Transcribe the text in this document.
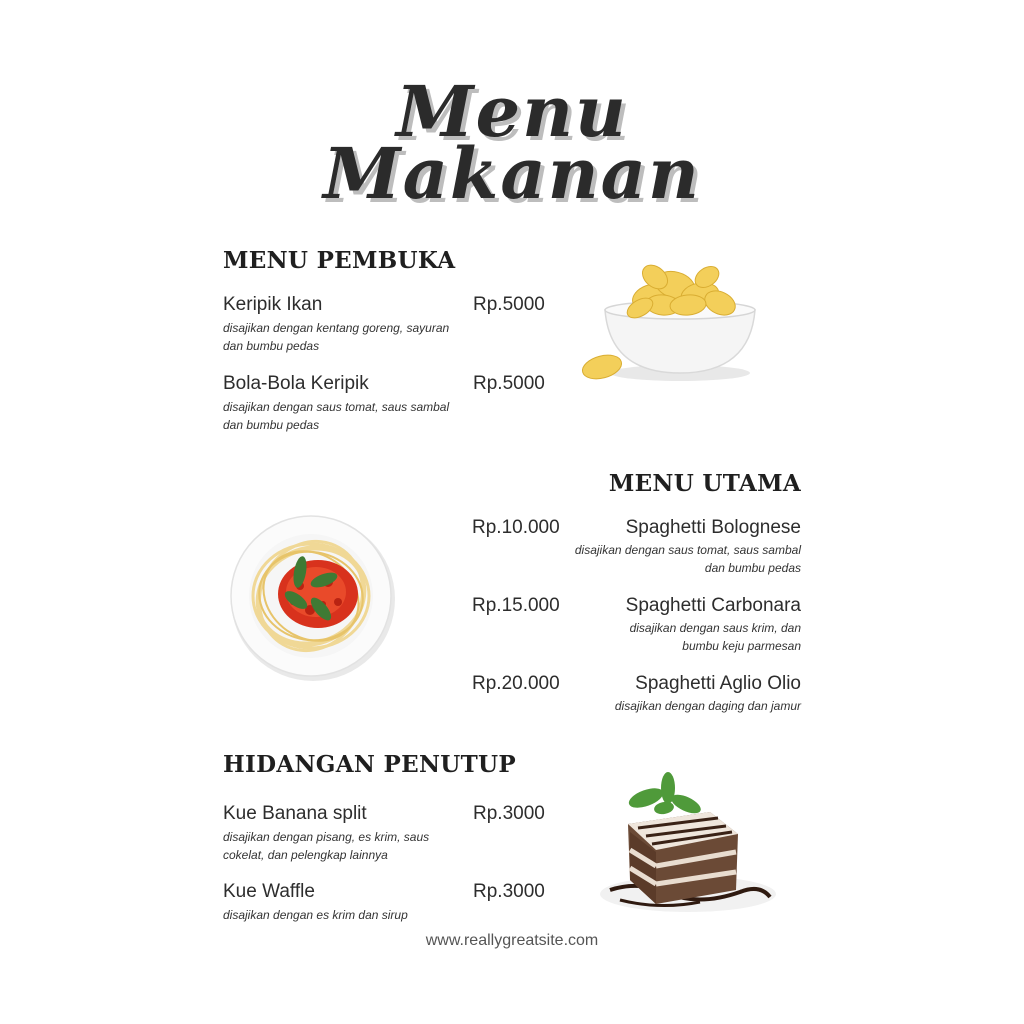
Menu
Makanan
MENU PEMBUKA
Keripik Ikan	Rp.5000
disajikan dengan kentang goreng, sayuran
dan bumbu pedas
Bola-Bola Keripik	Rp.5000
disajikan dengan saus tomat, saus sambal
dan bumbu pedas
MENU UTAMA
Rp.10.000	Spaghetti Bolognese
disajikan dengan saus tomat, saus sambal
dan bumbu pedas
Rp.15.000	Spaghetti Carbonara
disajikan dengan saus krim, dan
bumbu keju parmesan
Rp.20.000	Spaghetti Aglio Olio
disajikan dengan daging dan jamur
HIDANGAN PENUTUP
Kue Banana split	Rp.3000
disajikan dengan pisang, es krim, saus
cokelat, dan pelengkap lainnya
Kue Waffle	Rp.3000
disajikan dengan es krim dan sirup
www.reallygreatsite.com
